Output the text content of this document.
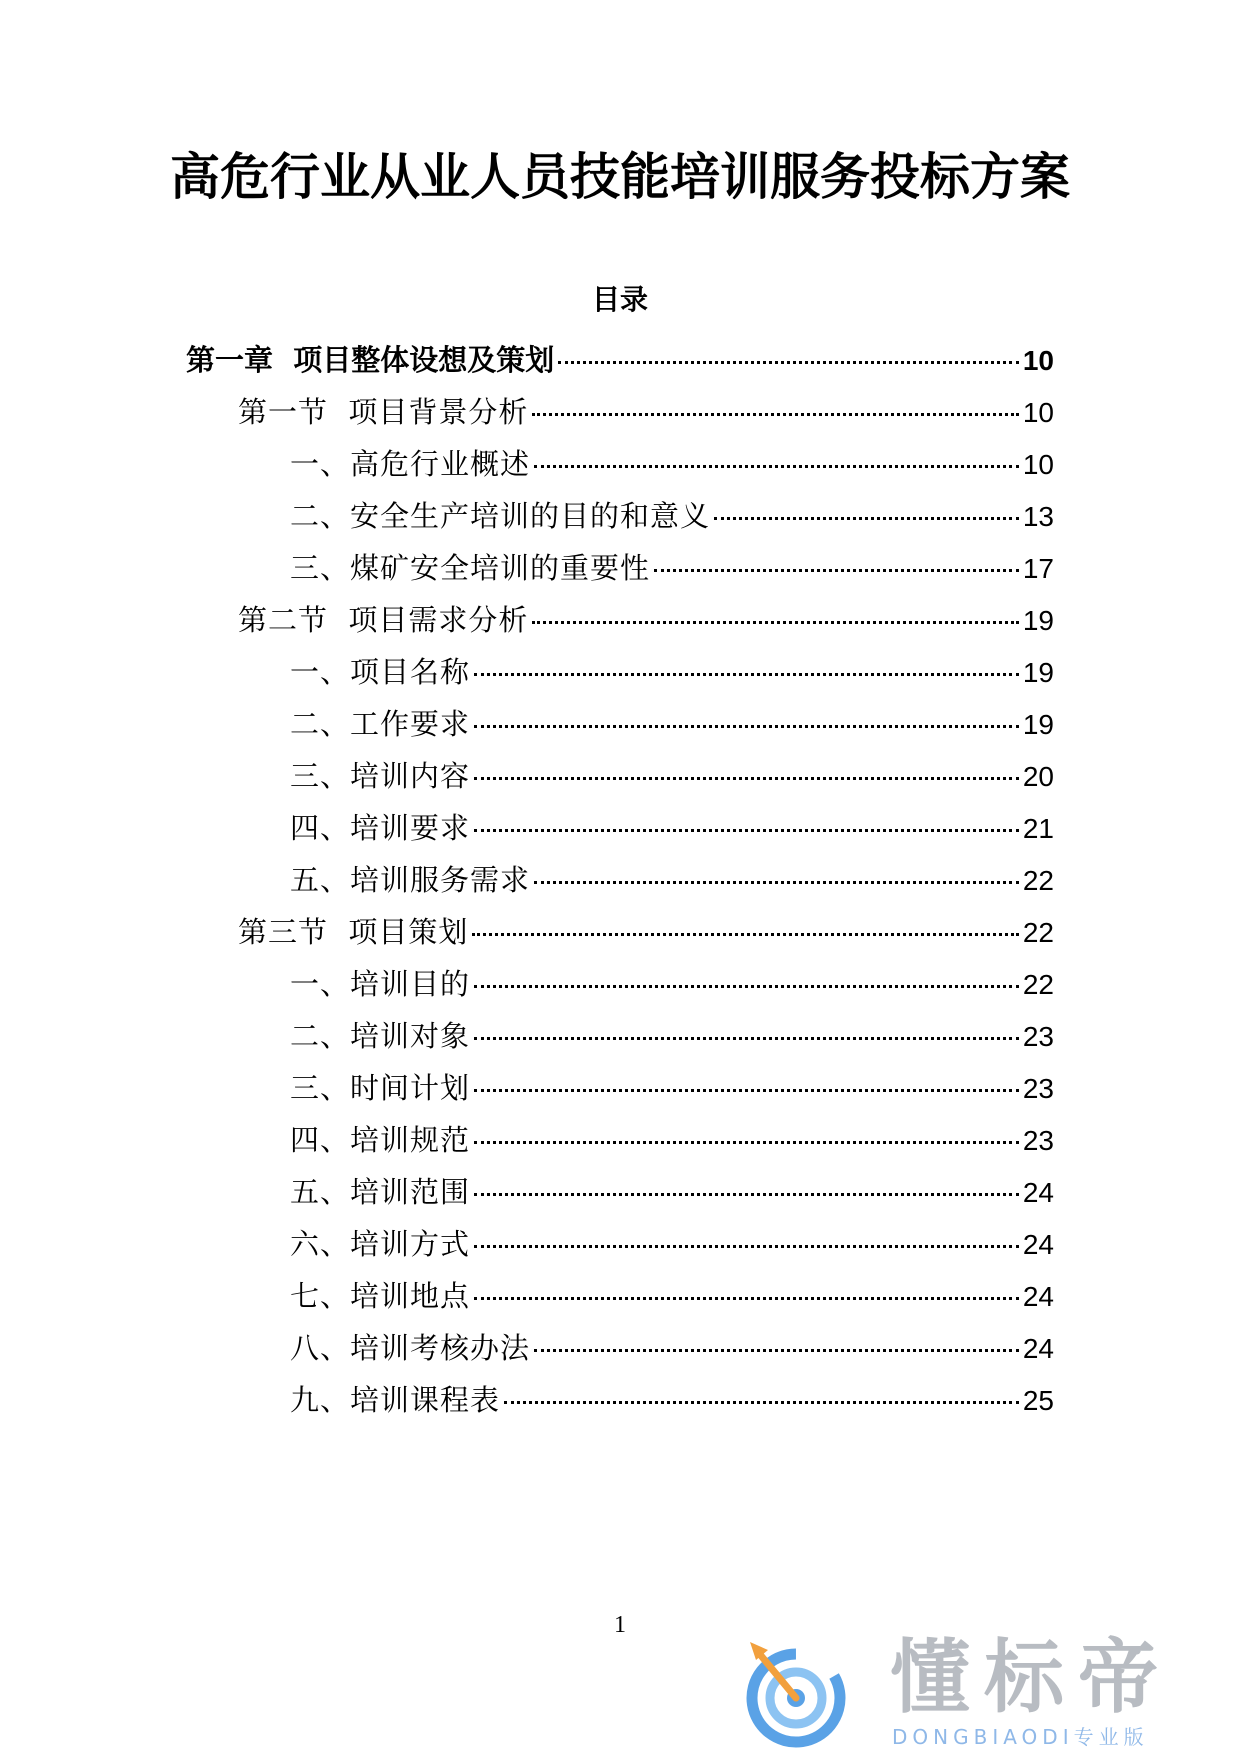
高危行业从业人员技能培训服务投标方案
目录
第一章  项目整体设想及策划	10
第一节  项目背景分析	10
一、高危行业概述	10
二、安全生产培训的目的和意义	13
三、煤矿安全培训的重要性	17
第二节  项目需求分析	19
一、项目名称	19
二、工作要求	19
三、培训内容	20
四、培训要求	21
五、培训服务需求	22
第三节  项目策划	22
一、培训目的	22
二、培训对象	23
三、时间计划	23
四、培训规范	23
五、培训范围	24
六、培训方式	24
七、培训地点	24
八、培训考核办法	24
九、培训课程表	25
1
懂标帝
DONGBIAODI专业版
